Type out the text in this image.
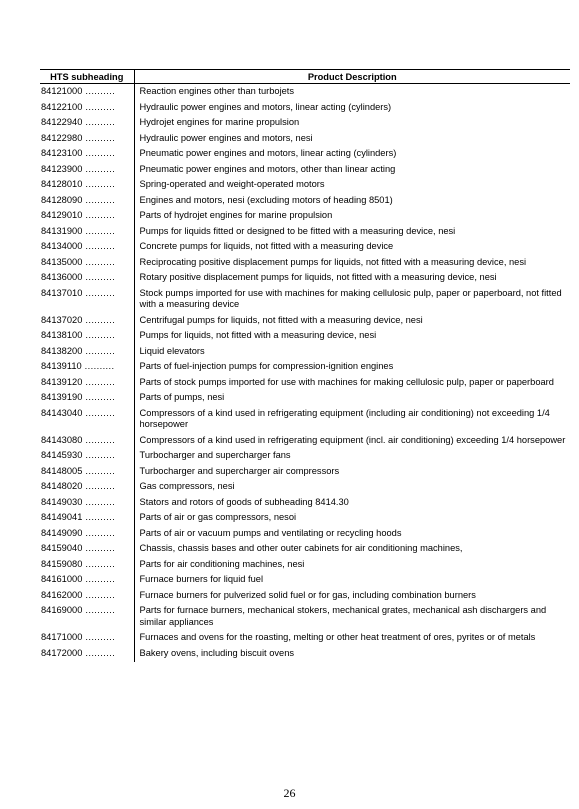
HTS subheading	Product Description
84121000 ..........	Reaction engines other than turbojets
84122100 ..........	Hydraulic power engines and motors, linear acting (cylinders)
84122940 ..........	Hydrojet engines for marine propulsion
84122980 ..........	Hydraulic power engines and motors, nesi
84123100 ..........	Pneumatic power engines and motors, linear acting (cylinders)
84123900 ..........	Pneumatic power engines and motors, other than linear acting
84128010 ..........	Spring-operated and weight-operated motors
84128090 ..........	Engines and motors, nesi (excluding motors of heading 8501)
84129010 ..........	Parts of hydrojet engines for marine propulsion
84131900 ..........	Pumps for liquids fitted or designed to be fitted with a measuring device, nesi
84134000 ..........	Concrete pumps for liquids, not fitted with a measuring device
84135000 ..........	Reciprocating positive displacement pumps for liquids, not fitted with a measuring device, nesi
84136000 ..........	Rotary positive displacement pumps for liquids, not fitted with a measuring device, nesi
84137010 ..........	Stock pumps imported for use with machines for making cellulosic pulp, paper or paperboard, not fitted with a measuring device
84137020 ..........	Centrifugal pumps for liquids, not fitted with a measuring device, nesi
84138100 ..........	Pumps for liquids, not fitted with a measuring device, nesi
84138200 ..........	Liquid elevators
84139110 ..........	Parts of fuel-injection pumps for compression-ignition engines
84139120 ..........	Parts of stock pumps imported for use with machines for making cellulosic pulp, paper or paperboard
84139190 ..........	Parts of pumps, nesi
84143040 ..........	Compressors of a kind used in refrigerating equipment (including air conditioning) not exceeding 1/4 horsepower
84143080 ..........	Compressors of a kind used in refrigerating equipment (incl. air conditioning) exceeding 1/4 horsepower
84145930 ..........	Turbocharger and supercharger fans
84148005 ..........	Turbocharger and supercharger air compressors
84148020 ..........	Gas compressors, nesi
84149030 ..........	Stators and rotors of goods of subheading 8414.30
84149041 ..........	Parts of air or gas compressors, nesoi
84149090 ..........	Parts of air or vacuum pumps and ventilating or recycling hoods
84159040 ..........	Chassis, chassis bases and other outer cabinets for air conditioning machines,
84159080 ..........	Parts for air conditioning machines, nesi
84161000 ..........	Furnace burners for liquid fuel
84162000 ..........	Furnace burners for pulverized solid fuel or for gas, including combination burners
84169000 ..........	Parts for furnace burners, mechanical stokers, mechanical grates, mechanical ash dischargers and similar appliances
84171000 ..........	Furnaces and ovens for the roasting, melting or other heat treatment of ores, pyrites or of metals
84172000 ..........	Bakery ovens, including biscuit ovens
26
